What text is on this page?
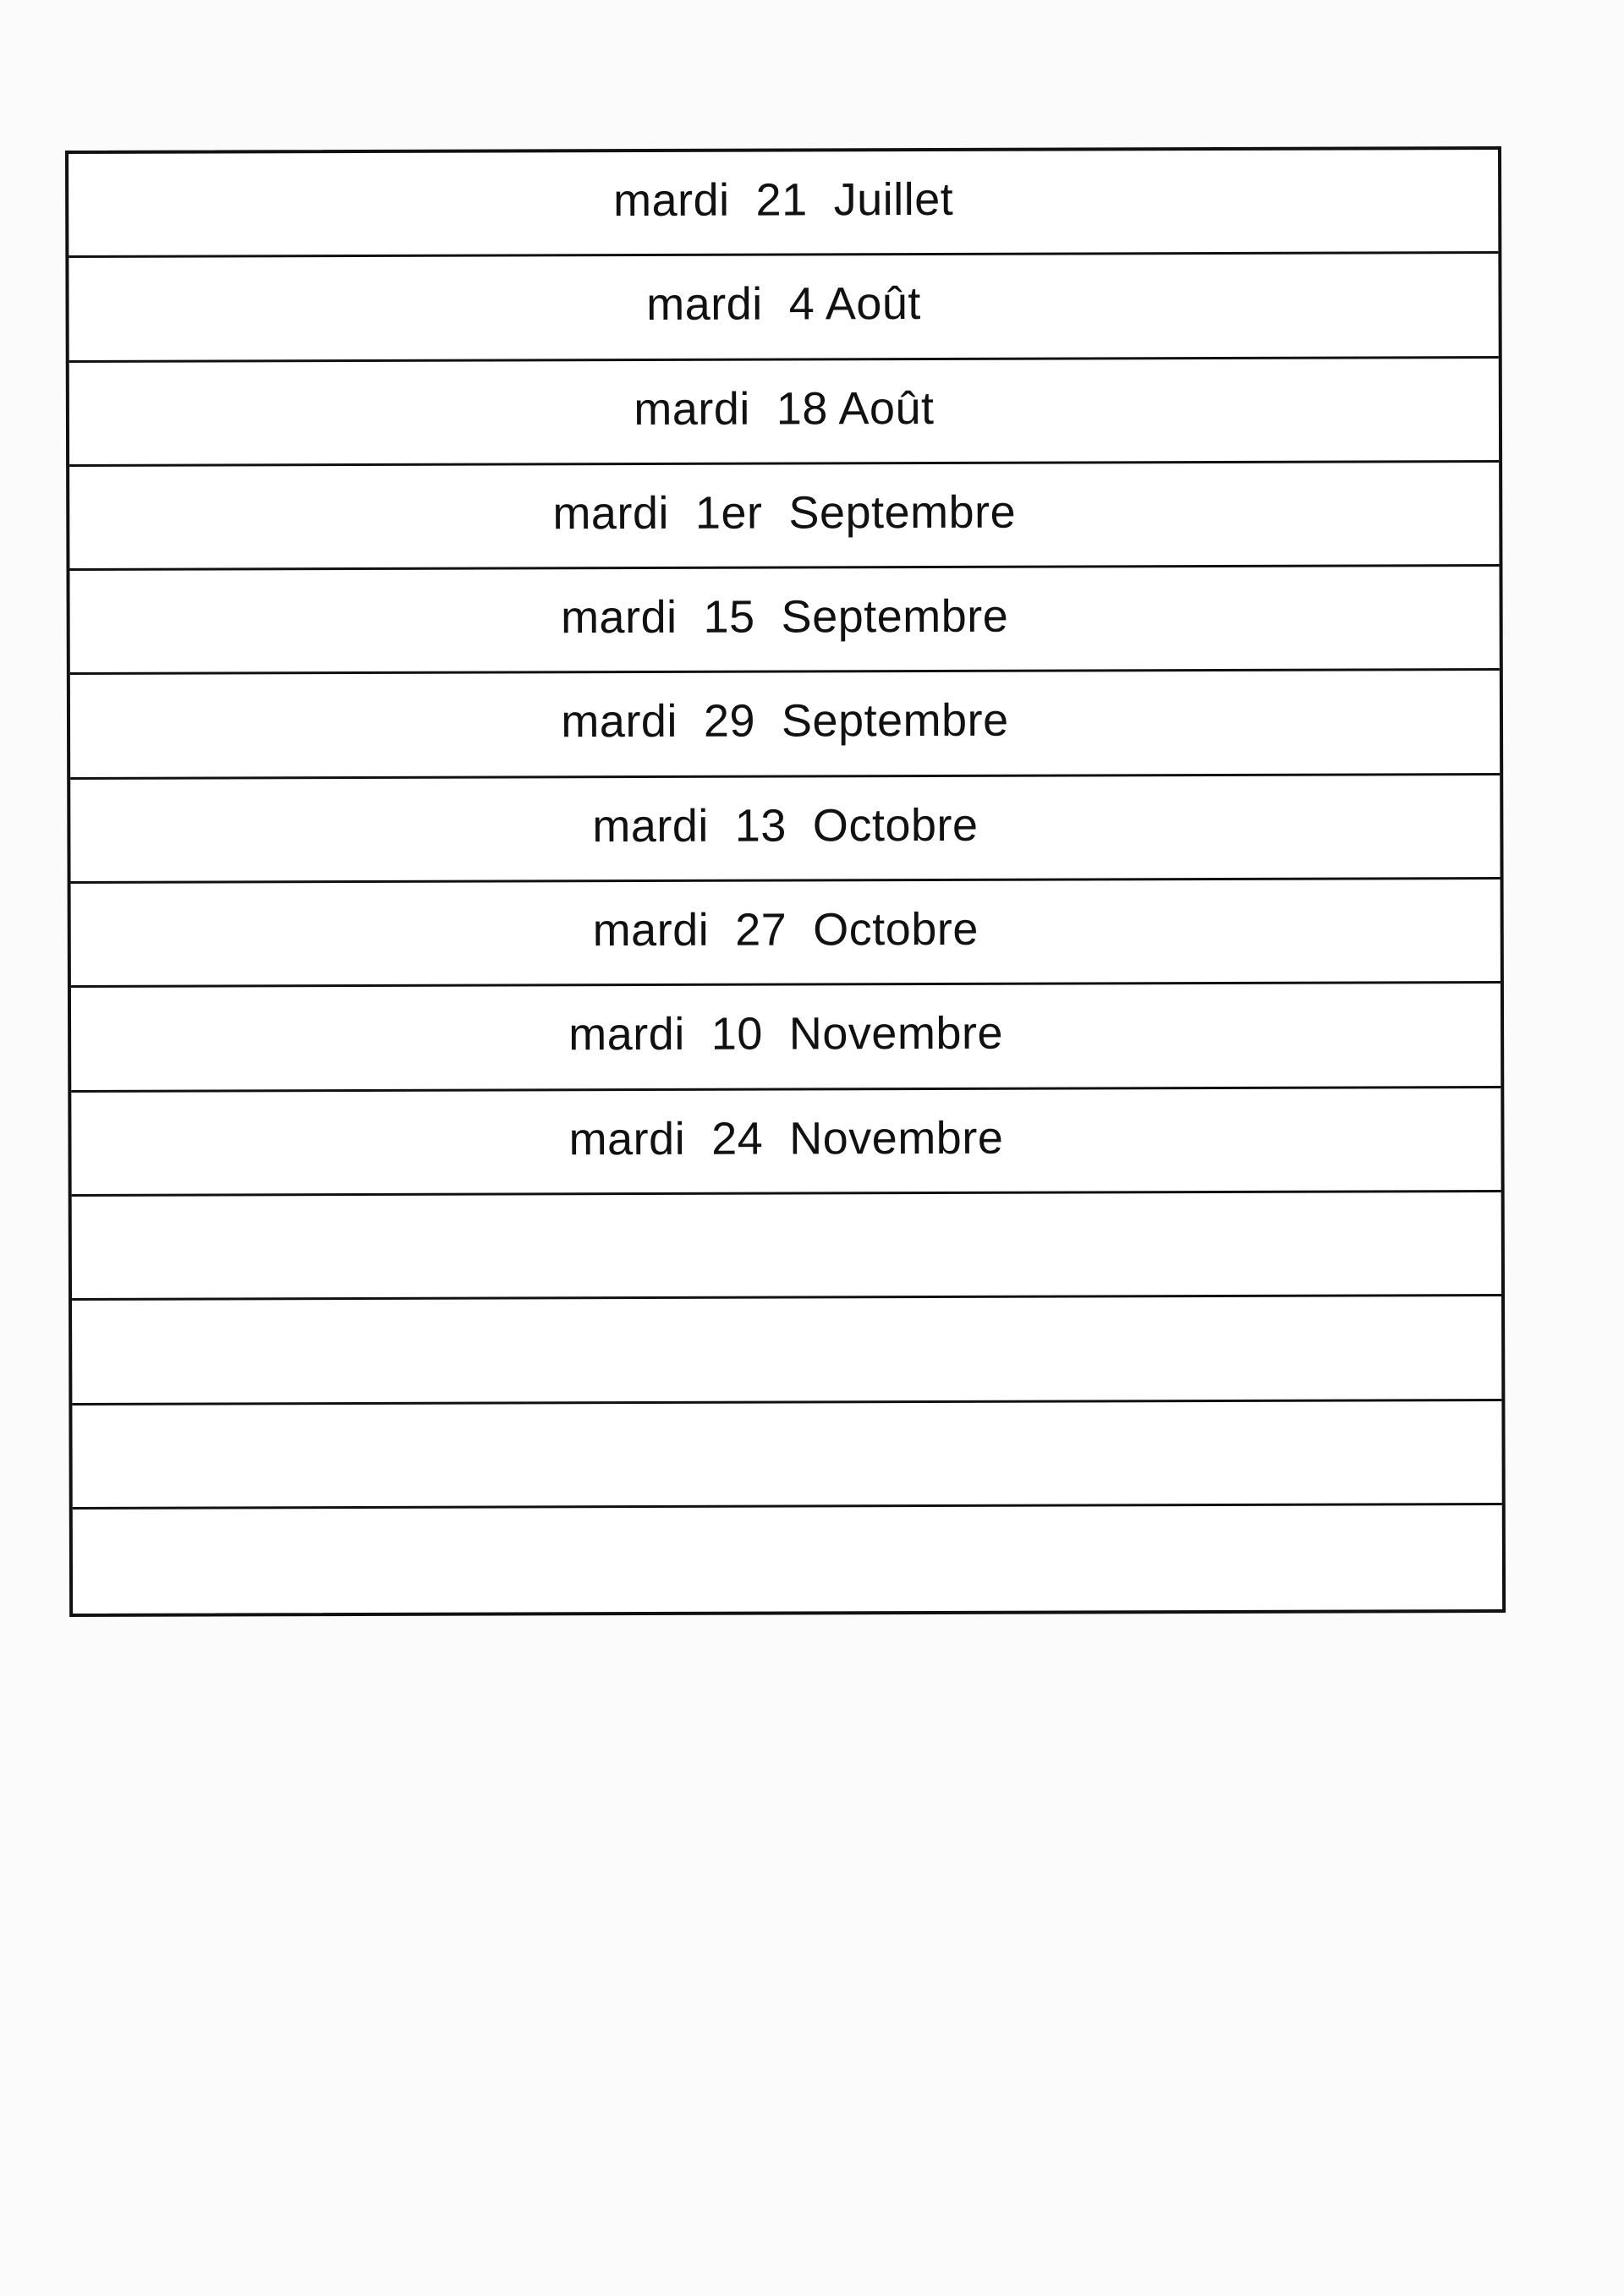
mardi  21  Juillet
mardi  4 Août
mardi  18 Août
mardi  1er  Septembre
mardi  15  Septembre
mardi  29  Septembre
mardi  13  Octobre
mardi  27  Octobre
mardi  10  Novembre
mardi  24  Novembre
